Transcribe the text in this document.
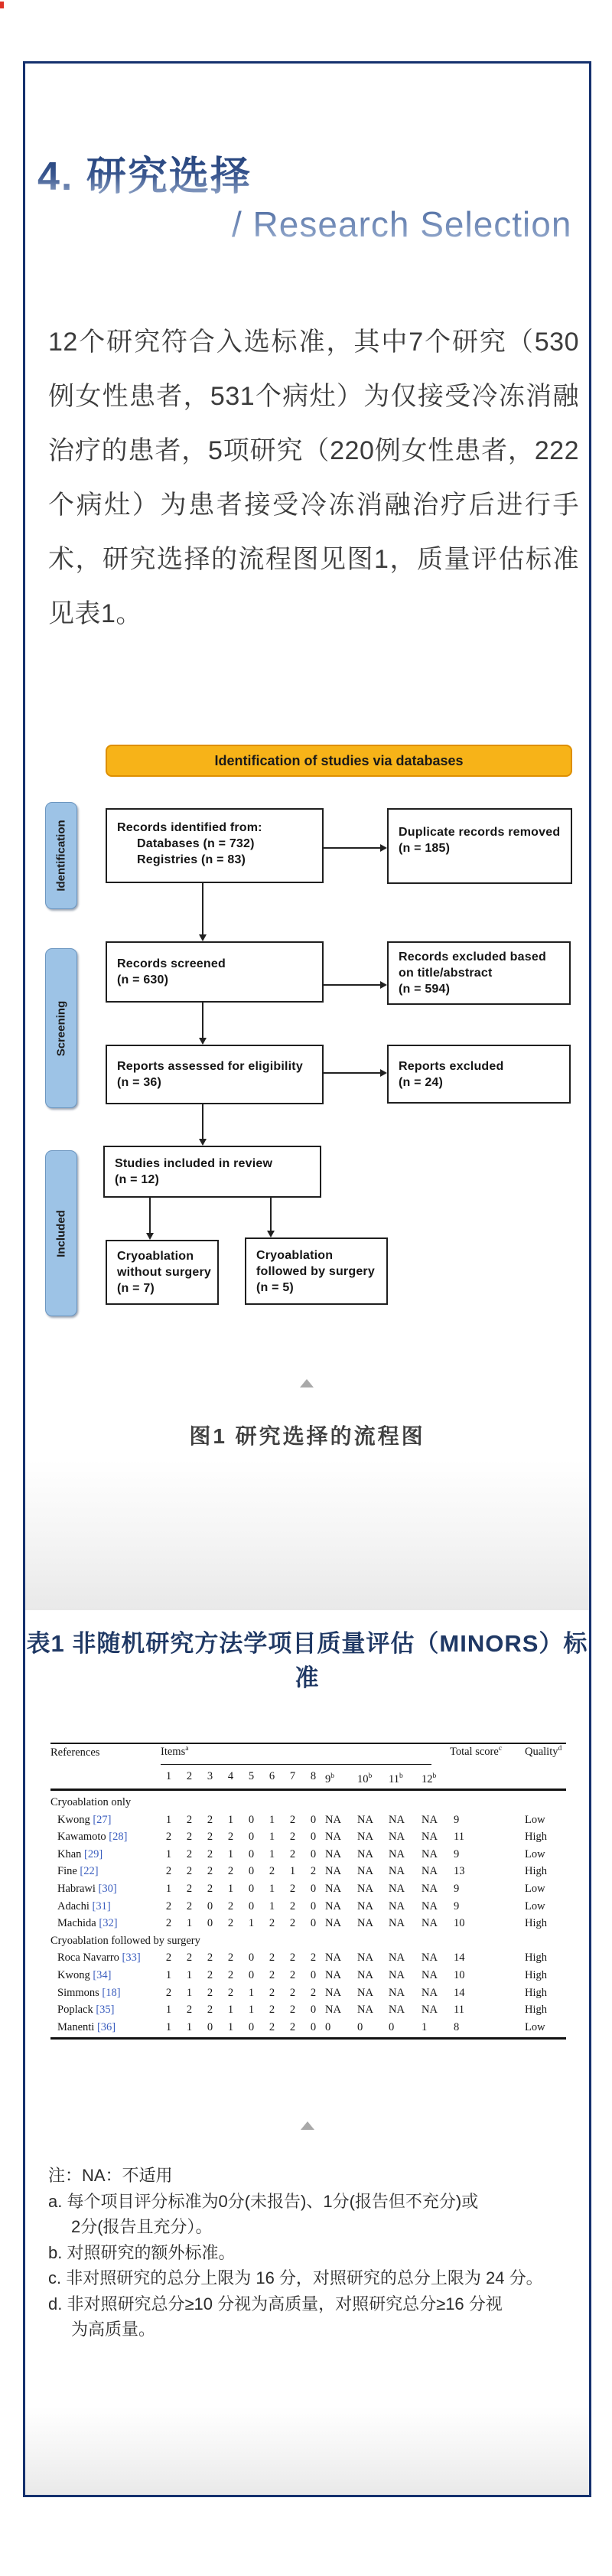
4. 研究选择
/ Research Selection
12个研究符合入选标准，其中7个研究（530例女性患者，531个病灶）为仅接受冷冻消融治疗的患者，5项研究（220例女性患者，222个病灶）为患者接受冷冻消融治疗后进行手术，研究选择的流程图见图1，质量评估标准见表1。
Identification of studies via databases
Identification
Screening
Included
Records identified from:
Databases (n = 732)
Registries (n = 83)
Duplicate records removed
(n = 185)
Records screened
(n = 630)
Records excluded based
on title/abstract
(n = 594)
Reports assessed for eligibility
(n = 36)
Reports excluded
(n = 24)
Studies included in review
(n = 12)
Cryoablation
without surgery
(n = 7)
Cryoablation
followed by surgery
(n = 5)
图1 研究选择的流程图
表1 非随机研究方法学项目质量评估（MINORS）标准
References	Items$^a$	Total score$^c$ Quality$^d$
1	2	3	4	5	6	7	8 9$^b$	10$^b$	11$^b$	12$^b$
Cryoablation only
Kwong [27]	1	2	2	1	0	1	2	0 NA	NA	NA	NA	9	Low
Kawamoto [28]	2	2	2	2	0	1	2	0 NA	NA	NA	NA	11	High
Khan [29]	1	2	2	1	0	1	2	0 NA	NA	NA	NA	9	Low
Fine [22]	2	2	2	2	0	2	1	2 NA	NA	NA	NA	13	High
Habrawi [30]	1	2	2	1	0	1	2	0 NA	NA	NA	NA	9	Low
Adachi [31]	2	2	0	2	0	1	2	0 NA	NA	NA	NA	9	Low
Machida [32]	2	1	0	2	1	2	2	0 NA	NA	NA	NA	10	High
Cryoablation followed by surgery
Roca Navarro [33]	2	2	2	2	0	2	2	2 NA	NA	NA	NA	14	High
Kwong [34]	1	1	2	2	0	2	2	0 NA	NA	NA	NA	10	High
Simmons [18]	2	1	2	2	1	2	2	2 NA	NA	NA	NA	14	High
Poplack [35]	1	2	2	1	1	2	2	0 NA	NA	NA	NA	11	High
Manenti [36]	1	1	0	1	0	2	2	0 0	0	0	1	8	Low
注：NA：不适用
a. 每个项目评分标准为0分(未报告)、1分(报告但不充分)或
2分(报告且充分）。
b. 对照研究的额外标准。
c. 非对照研究的总分上限为 16 分，对照研究的总分上限为 24 分。
d. 非对照研究总分≥10 分视为高质量，对照研究总分≥16 分视
为高质量。
